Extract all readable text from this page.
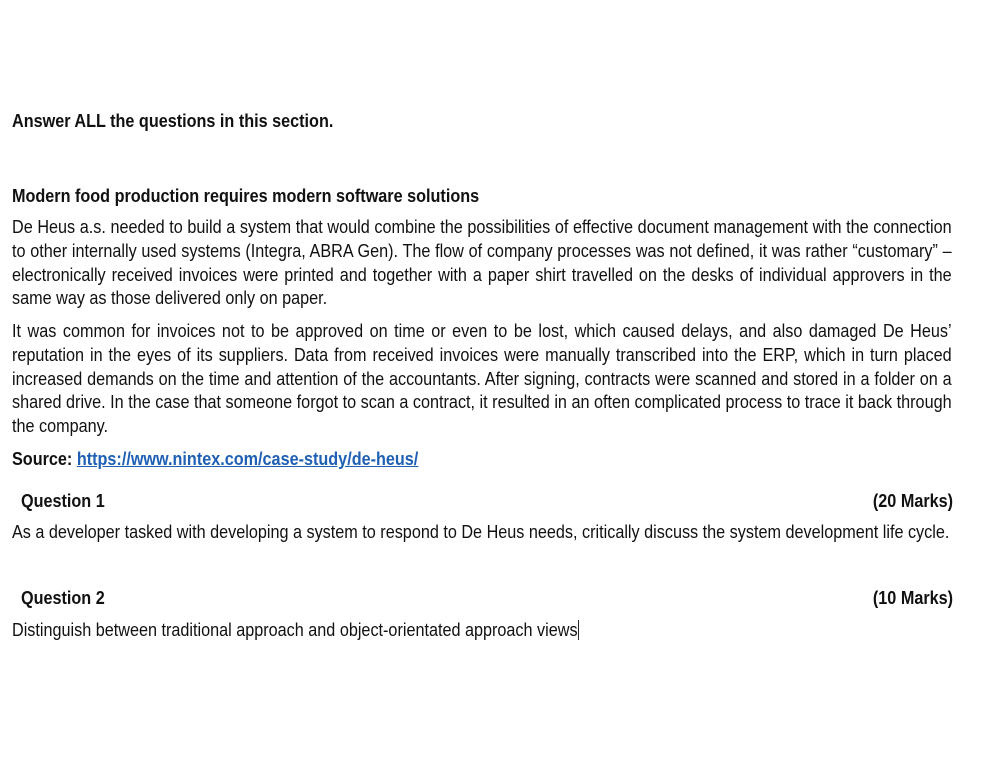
Answer ALL the questions in this section.
Modern food production requires modern software solutions

De Heus a.s. needed to build a system that would combine the possibilities of effective document management with the connection to other internally used systems (Integra, ABRA Gen). The flow of company processes was not defined, it was rather “customary” – electronically received invoices were printed and together with a paper shirt travelled on the desks of individual approvers in the same way as those delivered only on paper.

It was common for invoices not to be approved on time or even to be lost, which caused delays, and also damaged De Heus’ reputation in the eyes of its suppliers. Data from received invoices were manually transcribed into the ERP, which in turn placed increased demands on the time and attention of the accountants. After signing, contracts were scanned and stored in a folder on a shared drive. In the case that someone forgot to scan a contract, it resulted in an often complicated process to trace it back through the company.

Source: https://www.nintex.com/case-study/de-heus/
Question 1	(20 Marks)

As a developer tasked with developing a system to respond to De Heus needs, critically discuss the system development life cycle.

Question 2	(10 Marks)
Distinguish between traditional approach and object-orientated approach views
